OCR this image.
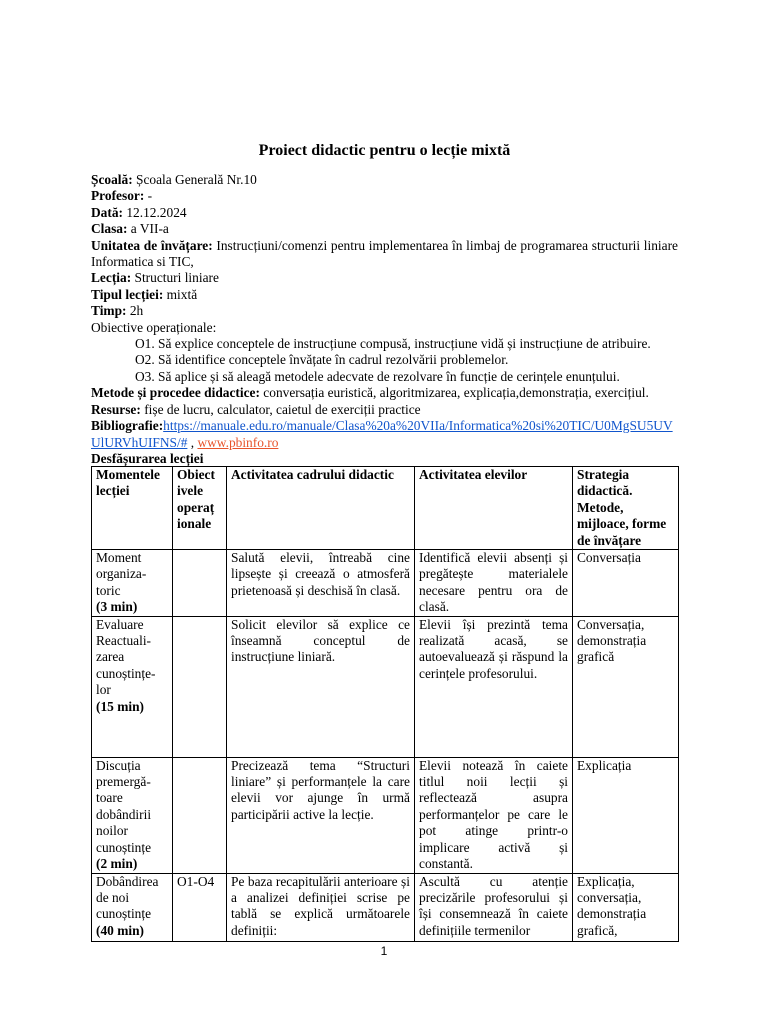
Proiect didactic pentru o lecție mixtă

Școală: Școala Generală Nr.10

Profesor: -

Dată: 12.12.2024

Clasa: a VII-a

Unitatea de învățare: Instrucțiuni/comenzi pentru implementarea în limbaj de programarea structurii liniare Informatica si TIC,

Lecția: Structuri liniare

Tipul lecției: mixtă

Timp: 2h

Obiective operaționale:

O1. Să explice conceptele de instrucțiune compusă, instrucțiune vidă și instrucțiune de atribuire.

O2. Să identifice conceptele învățate în cadrul rezolvării problemelor.

O3. Să aplice și să aleagă metodele adecvate de rezolvare în funcție de cerințele enunțului.

Metode și procedee didactice: conversația euristică, algoritmizarea, explicația,demonstrația, exercițiul.

Resurse: fișe de lucru, calculator, caietul de exerciții practice

Bibliografie:https://manuale.edu.ro/manuale/Clasa%20a%20VIIa/Informatica%20si%20TIC/U0MgSU5UVUlURVhUIFNS/# , www.pbinfo.ro

Desfășurarea lecției

Momentele lecției	Obiect ivele operaț ionale	Activitatea cadrului didactic	Activitatea elevilor	Strategia didactică. Metode, mijloace, forme de învățare
Moment organiza-toric
(3 min)		Salută elevii, întreabă cine lipsește și creează o atmosferă prietenoasă și deschisă în clasă.	Identifică elevii absenți și pregătește materialele necesare pentru ora de clasă.	Conversația
Evaluare Reactuali-zarea cunoștințe-lor
(15 min)		Solicit elevilor să explice ce înseamnă conceptul de instrucțiune liniară.	Elevii își prezintă tema realizată acasă, se autoevaluează și răspund la cerințele profesorului.	Conversația, demonstrația grafică
Discuția premergă-toare dobândirii noilor cunoștințe
(2 min)		Precizează tema “Structuri liniare” și performanțele la care elevii vor ajunge în urmă participării active la lecție.	Elevii notează în caiete titlul noii lecții și reflectează asupra performanțelor pe care le pot atinge printr-o implicare activă și constantă.	Explicația
Dobândirea de noi cunoștințe
(40 min)	O1-O4	Pe baza recapitulării anterioare și a analizei definiției scrise pe tablă se explică următoarele definiții:	Ascultă cu atenție precizările profesorului și își consemnează în caiete definițiile termenilor	Explicația, conversația, demonstrația grafică,
1
